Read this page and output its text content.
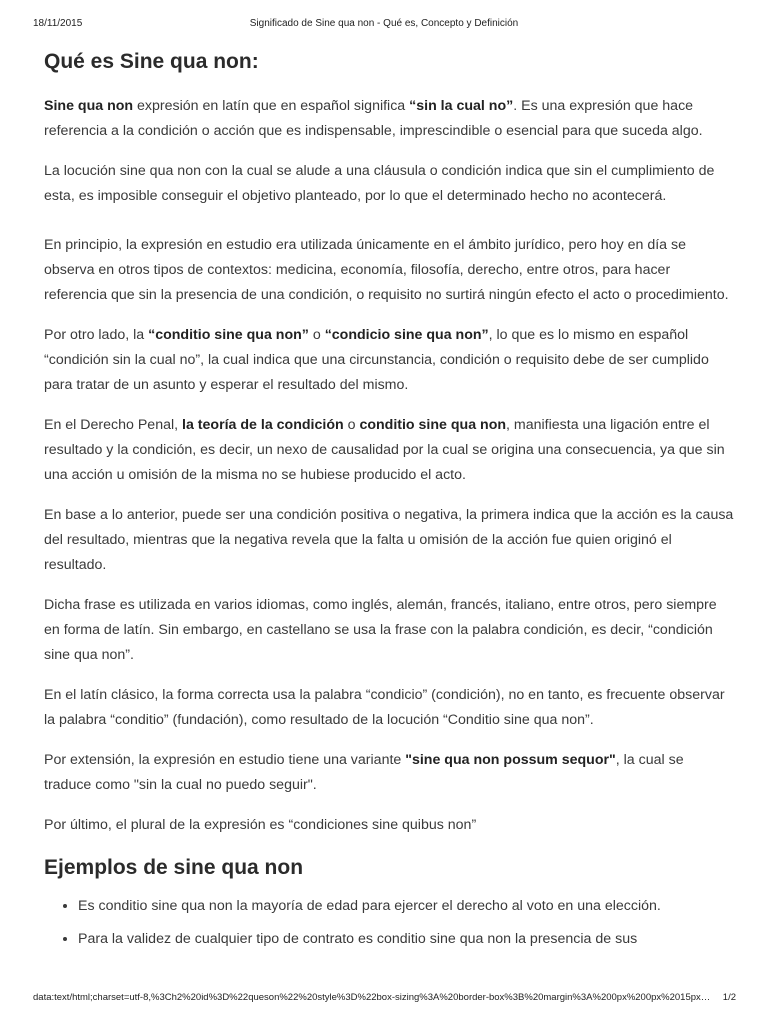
18/11/2015	Significado de Sine qua non - Qué es, Concepto y Definición
Qué es Sine qua non:

Sine qua non expresión en latín que en español significa “sin la cual no”. Es una expresión que hace referencia a la condición o acción que es indispensable, imprescindible o esencial para que suceda algo.

La locución sine qua non con la cual se alude a una cláusula o condición indica que sin el cumplimiento de esta, es imposible conseguir el objetivo planteado, por lo que el determinado hecho no acontecerá.

En principio, la expresión en estudio era utilizada únicamente en el ámbito jurídico, pero hoy en día se observa en otros tipos de contextos: medicina, economía, filosofía, derecho, entre otros, para hacer referencia que sin la presencia de una condición, o requisito no surtirá ningún efecto el acto o procedimiento.

Por otro lado, la “conditio sine qua non” o “condicio sine qua non”, lo que es lo mismo en español “condición sin la cual no”, la cual indica que una circunstancia, condición o requisito debe de ser cumplido para tratar de un asunto y esperar el resultado del mismo.

En el Derecho Penal, la teoría de la condición o conditio sine qua non, manifiesta una ligación entre el resultado y la condición, es decir, un nexo de causalidad por la cual se origina una consecuencia, ya que sin una acción u omisión de la misma no se hubiese producido el acto.

En base a lo anterior, puede ser una condición positiva o negativa, la primera indica que la acción es la causa del resultado, mientras que la negativa revela que la falta u omisión de la acción fue quien originó el resultado.

Dicha frase es utilizada en varios idiomas, como inglés, alemán, francés, italiano, entre otros, pero siempre en forma de latín. Sin embargo, en castellano se usa la frase con la palabra condición, es decir, “condición sine qua non”.

En el latín clásico, la forma correcta usa la palabra “condicio” (condición), no en tanto, es frecuente observar la palabra “conditio” (fundación), como resultado de la locución “Conditio sine qua non”.

Por extensión, la expresión en estudio tiene una variante "sine qua non possum sequor", la cual se traduce como "sin la cual no puedo seguir".

Por último, el plural de la expresión es “condiciones sine quibus non”

Ejemplos de sine qua non
• Es conditio sine qua non la mayoría de edad para ejercer el derecho al voto en una elección.
• Para la validez de cualquier tipo de contrato es conditio sine qua non la presencia de sus
data:text/html;charset=utf-8,%3Ch2%20id%3D%22queson%22%20style%3D%22box-sizing%3A%20border-box%3B%20margin%3A%200px%200px%2015px… 1/2
